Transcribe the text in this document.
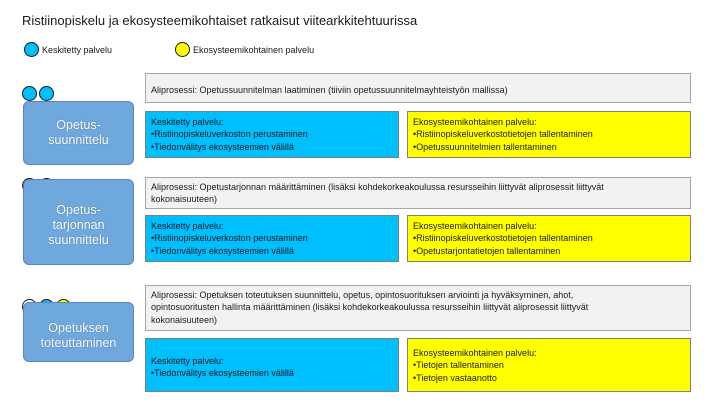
Ristiinopiskelu ja ekosysteemikohtaiset ratkaisut viitearkkitehtuurissa
Keskitetty palvelu	Ekosysteemikohtainen palvelu
Opetus-
suunnittelu
Aliprosessi: Opetussuunnitelman laatiminen (tiiviin opetussuunnitelmayhteistyön mallissa)
Keskitetty palvelu:
•Ristiinopiskeluverkoston perustaminen
•Tiedonvälitys ekosysteemien välillä
Ekosysteemikohtainen palvelu:
•Ristiinopiskeluverkostotietojen tallentaminen
•Opetussuunnitelmien tallentaminen
Opetus-
tarjonnan
suunnittelu
Aliprosessi: Opetustarjonnan määrittäminen (lisäksi kohdekorkeakoulussa resursseihin liittyvät aliprosessit liittyvät
kokonaisuuteen)
Keskitetty palvelu:
•Ristiinopiskeluverkoston perustaminen
•Tiedonvälitys ekosysteemien välillä
Ekosysteemikohtainen palvelu:
•Ristiinopiskeluverkostotietojen tallentaminen
•Opetustarjontatietojen tallentaminen
Opetuksen
toteuttaminen
Aliprosessi: Opetuksen toteutuksen suunnittelu, opetus, opintosuorituksen arviointi ja hyväksyminen, ahot,
opintosuoritusten hallinta määrittäminen (lisäksi kohdekorkeakoulussa resursseihin liittyvät aliprosessit liittyvät
kokonaisuuteen)
Keskitetty palvelu:
•Tiedonvälitys ekosysteemien välillä
Ekosysteemikohtainen palvelu:
•Tietojen tallentaminen
•Tietojen vastaanotto
